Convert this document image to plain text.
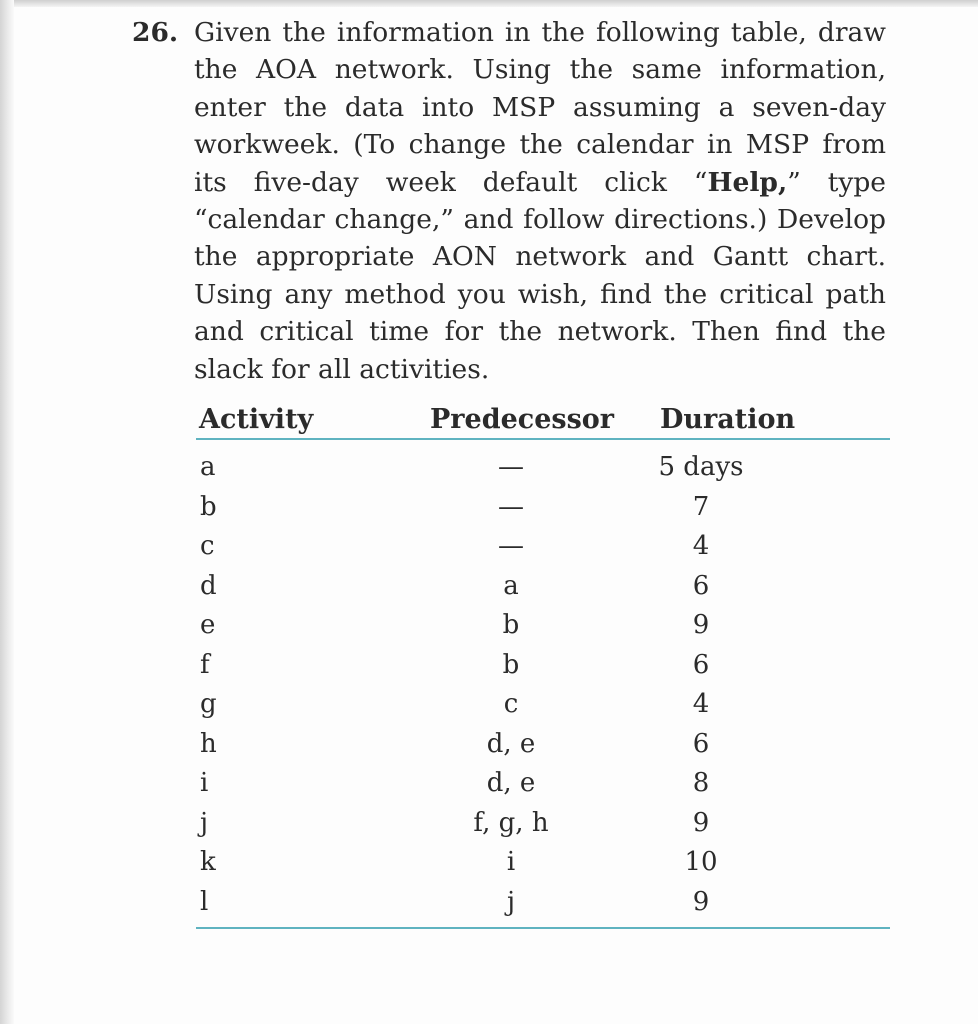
26. Given the information in the following table, draw the AOA network. Using the same information, enter the data into MSP assuming a seven-day workweek. (To change the calendar in MSP from its five-day week default click “Help,” type “calendar change,” and follow directions.) Develop the appropriate AON network and Gantt chart. Using any method you wish, find the critical path and critical time for the network. Then find the slack for all activities.
Activity	Predecessor Duration
a	—	5 days
b	—	7
c	—	4
d	a	6
e	b	9
f	b	6
g	c	4
h	d, e	6
i	d, e	8
j	f, g, h	9
k	i	10
l	j	9
